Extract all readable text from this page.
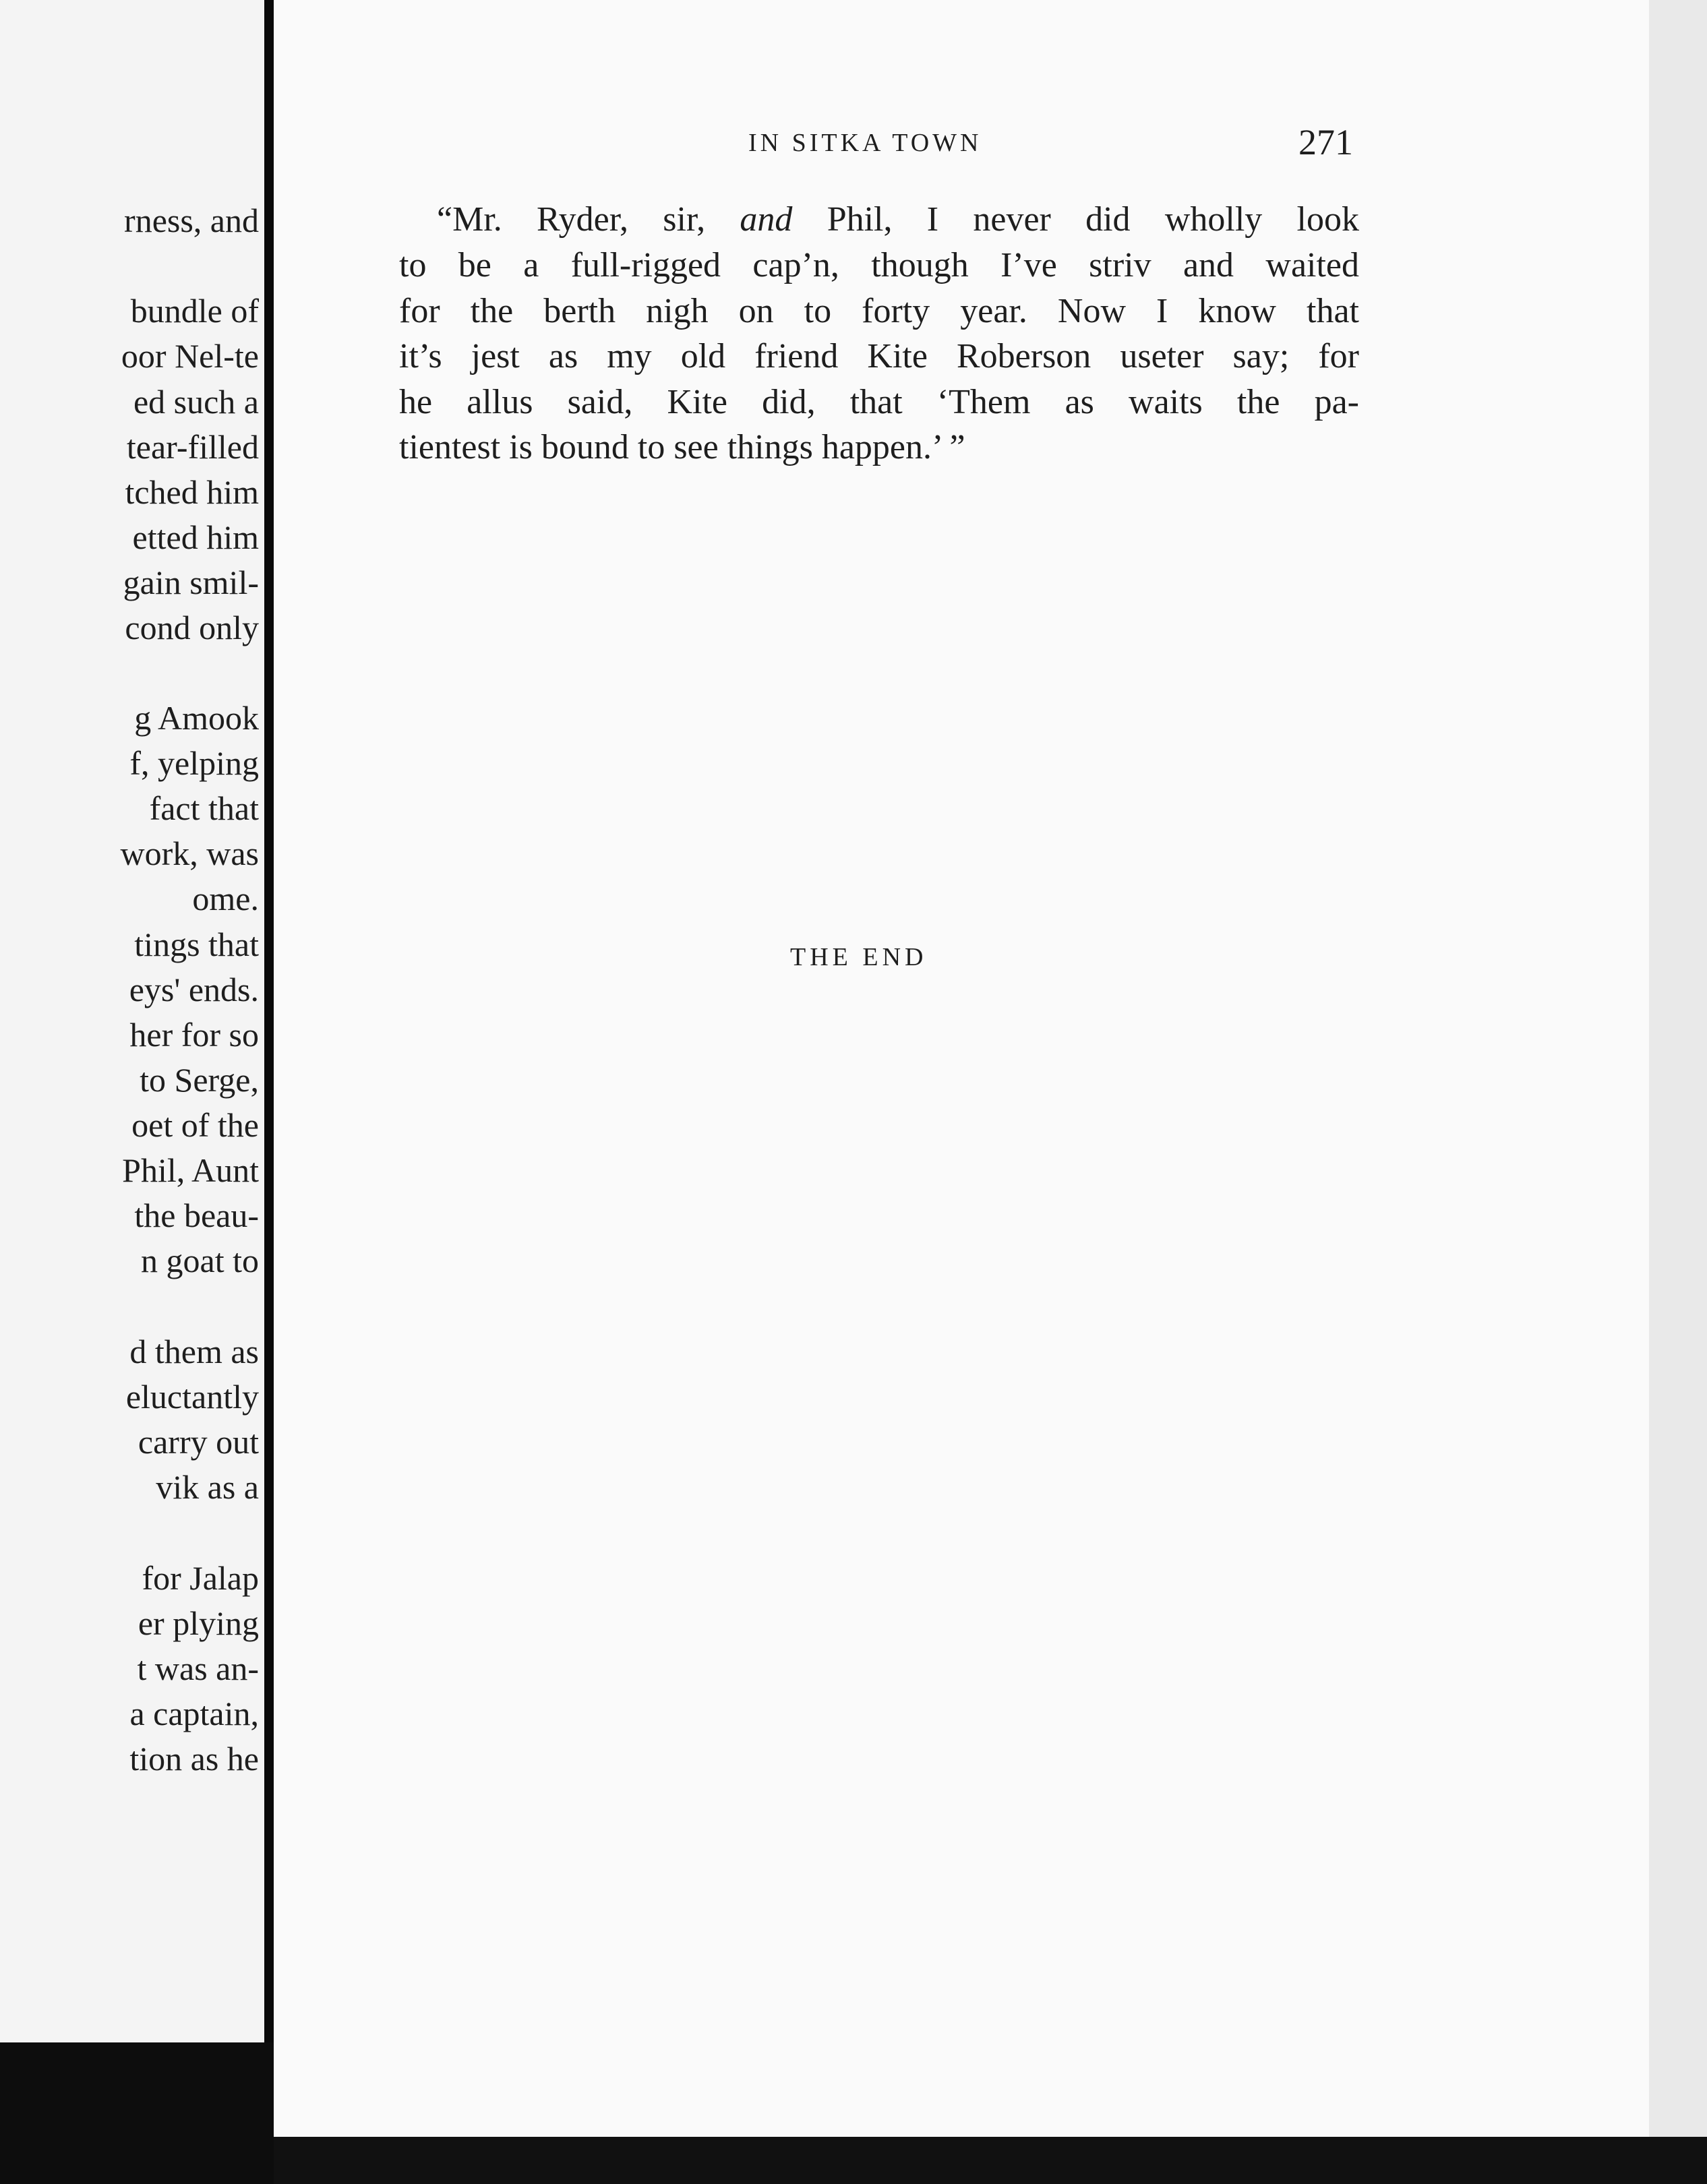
rness, and
bundle of
oor Nel-te
ed such a
tear-filled
tched him
etted him
gain smil-
cond only
g Amook
f, yelping
fact that
work, was
ome.
tings that
eys' ends.
her for so
to Serge,
oet of the
Phil, Aunt
the beau-
n goat to
d them as
eluctantly
carry out
vik as a
for Jalap
er plying
t was an-
a captain,
tion as he
IN SITKA TOWN	271
“Mr. Ryder, sir, and Phil, I never did wholly look
to be a full-rigged cap’n, though I’ve striv and waited
for the berth nigh on to forty year. Now I know that
it’s jest as my old friend Kite Roberson useter say; for
he allus said, Kite did, that ‘Them as waits the pa-
tientest is bound to see things happen.’ ”
THE END
